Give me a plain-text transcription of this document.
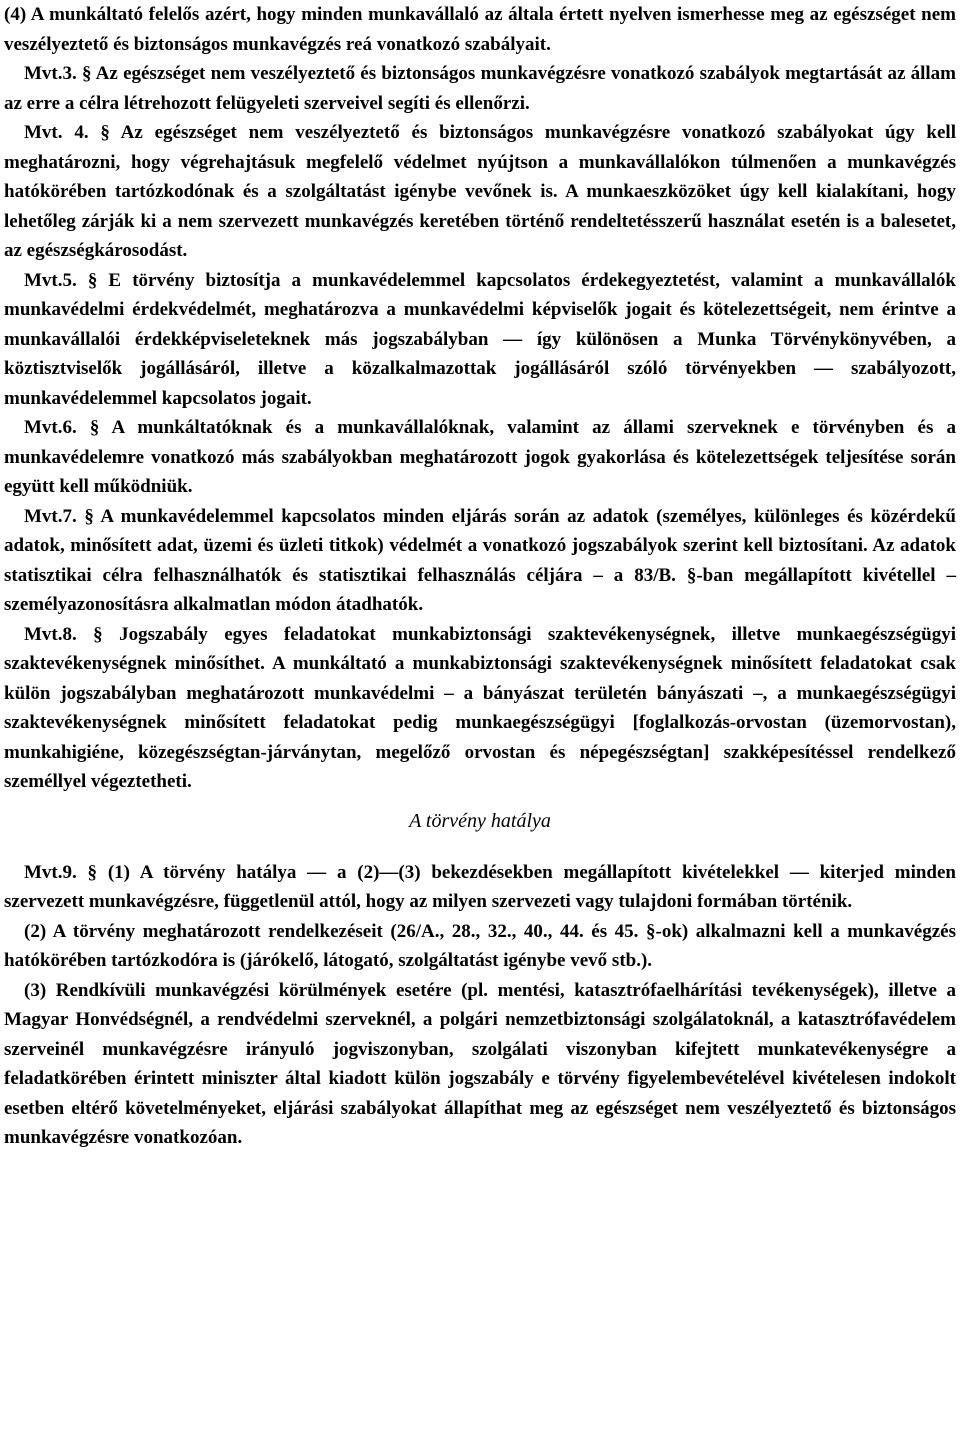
(4) A munkáltató felelős azért, hogy minden munkavállaló az általa értett nyelven ismerhesse meg az egészséget nem veszélyeztető és biztonságos munkavégzés reá vonatkozó szabályait.

Mvt.3. § Az egészséget nem veszélyeztető és biztonságos munkavégzésre vonatkozó szabályok megtartását az állam az erre a célra létrehozott felügyeleti szerveivel segíti és ellenőrzi.

Mvt. 4. § Az egészséget nem veszélyeztető és biztonságos munkavégzésre vonatkozó szabályokat úgy kell meghatározni, hogy végrehajtásuk megfelelő védelmet nyújtson a munkavállalókon túlmenően a munkavégzés hatókörében tartózkodónak és a szolgáltatást igénybe vevőnek is. A munkaeszközöket úgy kell kialakítani, hogy lehetőleg zárják ki a nem szervezett munkavégzés keretében történő rendeltetésszerű használat esetén is a balesetet, az egészségkárosodást.

Mvt.5. § E törvény biztosítja a munkavédelemmel kapcsolatos érdekegyeztetést, valamint a munkavállalók munkavédelmi érdekvédelmét, meghatározva a munkavédelmi képviselők jogait és kötelezettségeit, nem érintve a munkavállalói érdekképviseleteknek más jogszabályban — így különösen a Munka Törvénykönyvében, a köztisztviselők jogállásáról, illetve a közalkalmazottak jogállásáról szóló törvényekben — szabályozott, munkavédelemmel kapcsolatos jogait.

Mvt.6. § A munkáltatóknak és a munkavállalóknak, valamint az állami szerveknek e törvényben és a munkavédelemre vonatkozó más szabályokban meghatározott jogok gyakorlása és kötelezettségek teljesítése során együtt kell működniük.

Mvt.7. § A munkavédelemmel kapcsolatos minden eljárás során az adatok (személyes, különleges és közérdekű adatok, minősített adat, üzemi és üzleti titkok) védelmét a vonatkozó jogszabályok szerint kell biztosítani. Az adatok statisztikai célra felhasználhatók és statisztikai felhasználás céljára – a 83/B. §-ban megállapított kivétellel – személyazonosításra alkalmatlan módon átadhatók.

Mvt.8. § Jogszabály egyes feladatokat munkabiztonsági szaktevékenységnek, illetve munkaegészségügyi szaktevékenységnek minősíthet. A munkáltató a munkabiztonsági szaktevékenységnek minősített feladatokat csak külön jogszabályban meghatározott munkavédelmi – a bányászat területén bányászati –, a munkaegészségügyi szaktevékenységnek minősített feladatokat pedig munkaegészségügyi [foglalkozás-orvostan (üzemorvostan), munkahigiéne, közegészségtan-járványtan, megelőző orvostan és népegészségtan] szakképesítéssel rendelkező személlyel végeztetheti.

A törvény hatálya

Mvt.9. § (1) A törvény hatálya — a (2)—(3) bekezdésekben megállapított kivételekkel — kiterjed minden szervezett munkavégzésre, függetlenül attól, hogy az milyen szervezeti vagy tulajdoni formában történik.

(2) A törvény meghatározott rendelkezéseit (26/A., 28., 32., 40., 44. és 45. §-ok) alkalmazni kell a munkavégzés hatókörében tartózkodóra is (járókelő, látogató, szolgáltatást igénybe vevő stb.).

(3) Rendkívüli munkavégzési körülmények esetére (pl. mentési, katasztrófaelhárítási tevékenységek), illetve a Magyar Honvédségnél, a rendvédelmi szerveknél, a polgári nemzetbiztonsági szolgálatoknál, a katasztrófavédelem szerveinél munkavégzésre irányuló jogviszonyban, szolgálati viszonyban kifejtett munkatevékenységre a feladatkörében érintett miniszter által kiadott külön jogszabály e törvény figyelembevételével kivételesen indokolt esetben eltérő követelményeket, eljárási szabályokat állapíthat meg az egészséget nem veszélyeztető és biztonságos munkavégzésre vonatkozóan.
